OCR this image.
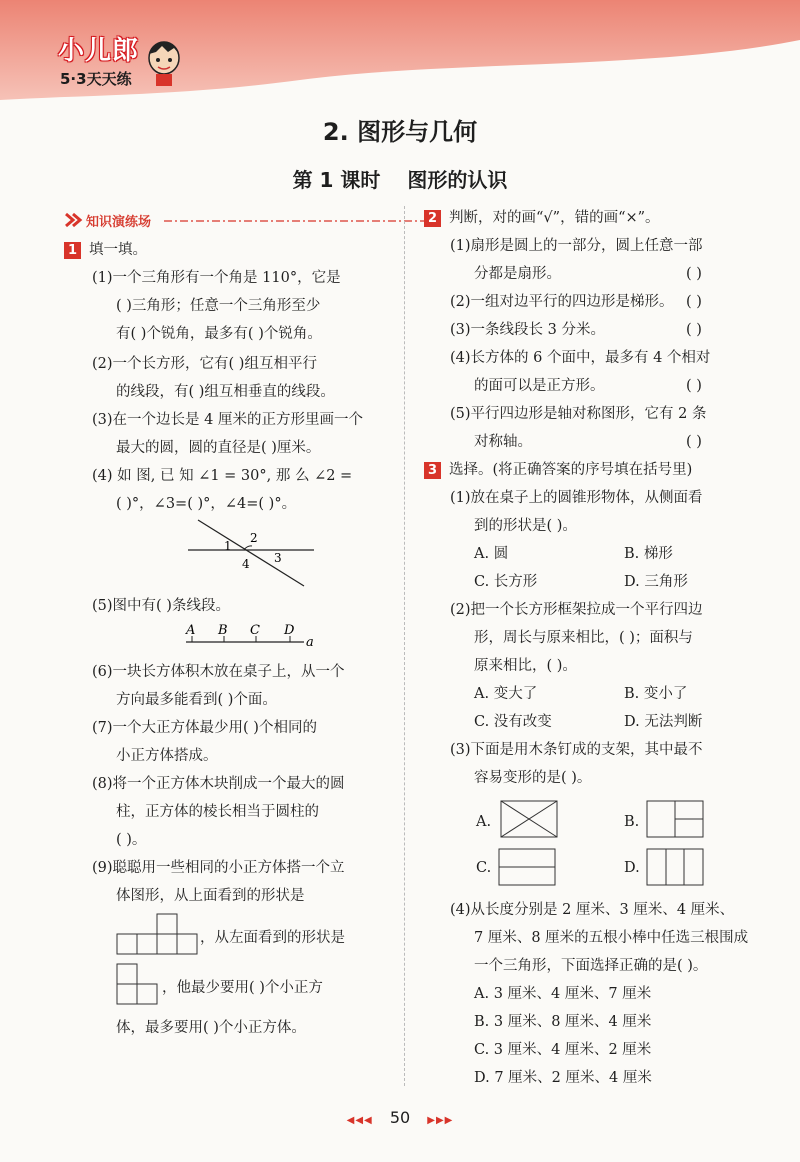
小儿郎
5·3天天练
2. 图形与几何
第 1 课时 图形的认识
知识演练场
1 填一填。
(1)一个三角形有一个角是 110°，它是
( )三角形；任意一个三角形至少
有( )个锐角，最多有( )个锐角。
(2)一个长方形，它有( )组互相平行
的线段，有( )组互相垂直的线段。
(3)在一个边长是 4 厘米的正方形里画一个
最大的圆，圆的直径是( )厘米。
(4) 如 图, 已 知 ∠1 = 30°, 那 么 ∠2 =
( )°，∠3=( )°，∠4=( )°。
1
2
3
4
(5)图中有( )条线段。
A B C D
a
(6)一块长方体积木放在桌子上，从一个
方向最多能看到( )个面。
(7)一个大正方体最少用( )个相同的
小正方体搭成。
(8)将一个正方体木块削成一个最大的圆
柱，正方体的棱长相当于圆柱的
( )。
(9)聪聪用一些相同的小正方体搭一个立
体图形，从上面看到的形状是
，从左面看到的形状是
，他最少要用( )个小正方
体，最多要用( )个小正方体。
2 判断，对的画“√”，错的画“×”。
(1)扇形是圆上的一部分，圆上任意一部
分都是扇形。	( )
(2)一组对边平行的四边形是梯形。 ( )
(3)一条线段长 3 分米。	( )
(4)长方体的 6 个面中，最多有 4 个相对
的面可以是正方形。	( )
(5)平行四边形是轴对称图形，它有 2 条
对称轴。	( )
3 选择。(将正确答案的序号填在括号里)
(1)放在桌子上的圆锥形物体，从侧面看
到的形状是( )。
A. 圆	B. 梯形
C. 长方形	D. 三角形
(2)把一个长方形框架拉成一个平行四边
形，周长与原来相比，( )；面积与
原来相比，( )。
A. 变大了	B. 变小了
C. 没有改变	D. 无法判断
(3)下面是用木条钉成的支架，其中最不
容易变形的是( )。
A.	B.
C.	D.
(4)从长度分别是 2 厘米、3 厘米、4 厘米、
7 厘米、8 厘米的五根小棒中任选三根围成
一个三角形，下面选择正确的是( )。
A. 3 厘米、4 厘米、7 厘米
B. 3 厘米、8 厘米、4 厘米
C. 3 厘米、4 厘米、2 厘米
D. 7 厘米、2 厘米、4 厘米
◀◀◀ 50 ▶▶▶
